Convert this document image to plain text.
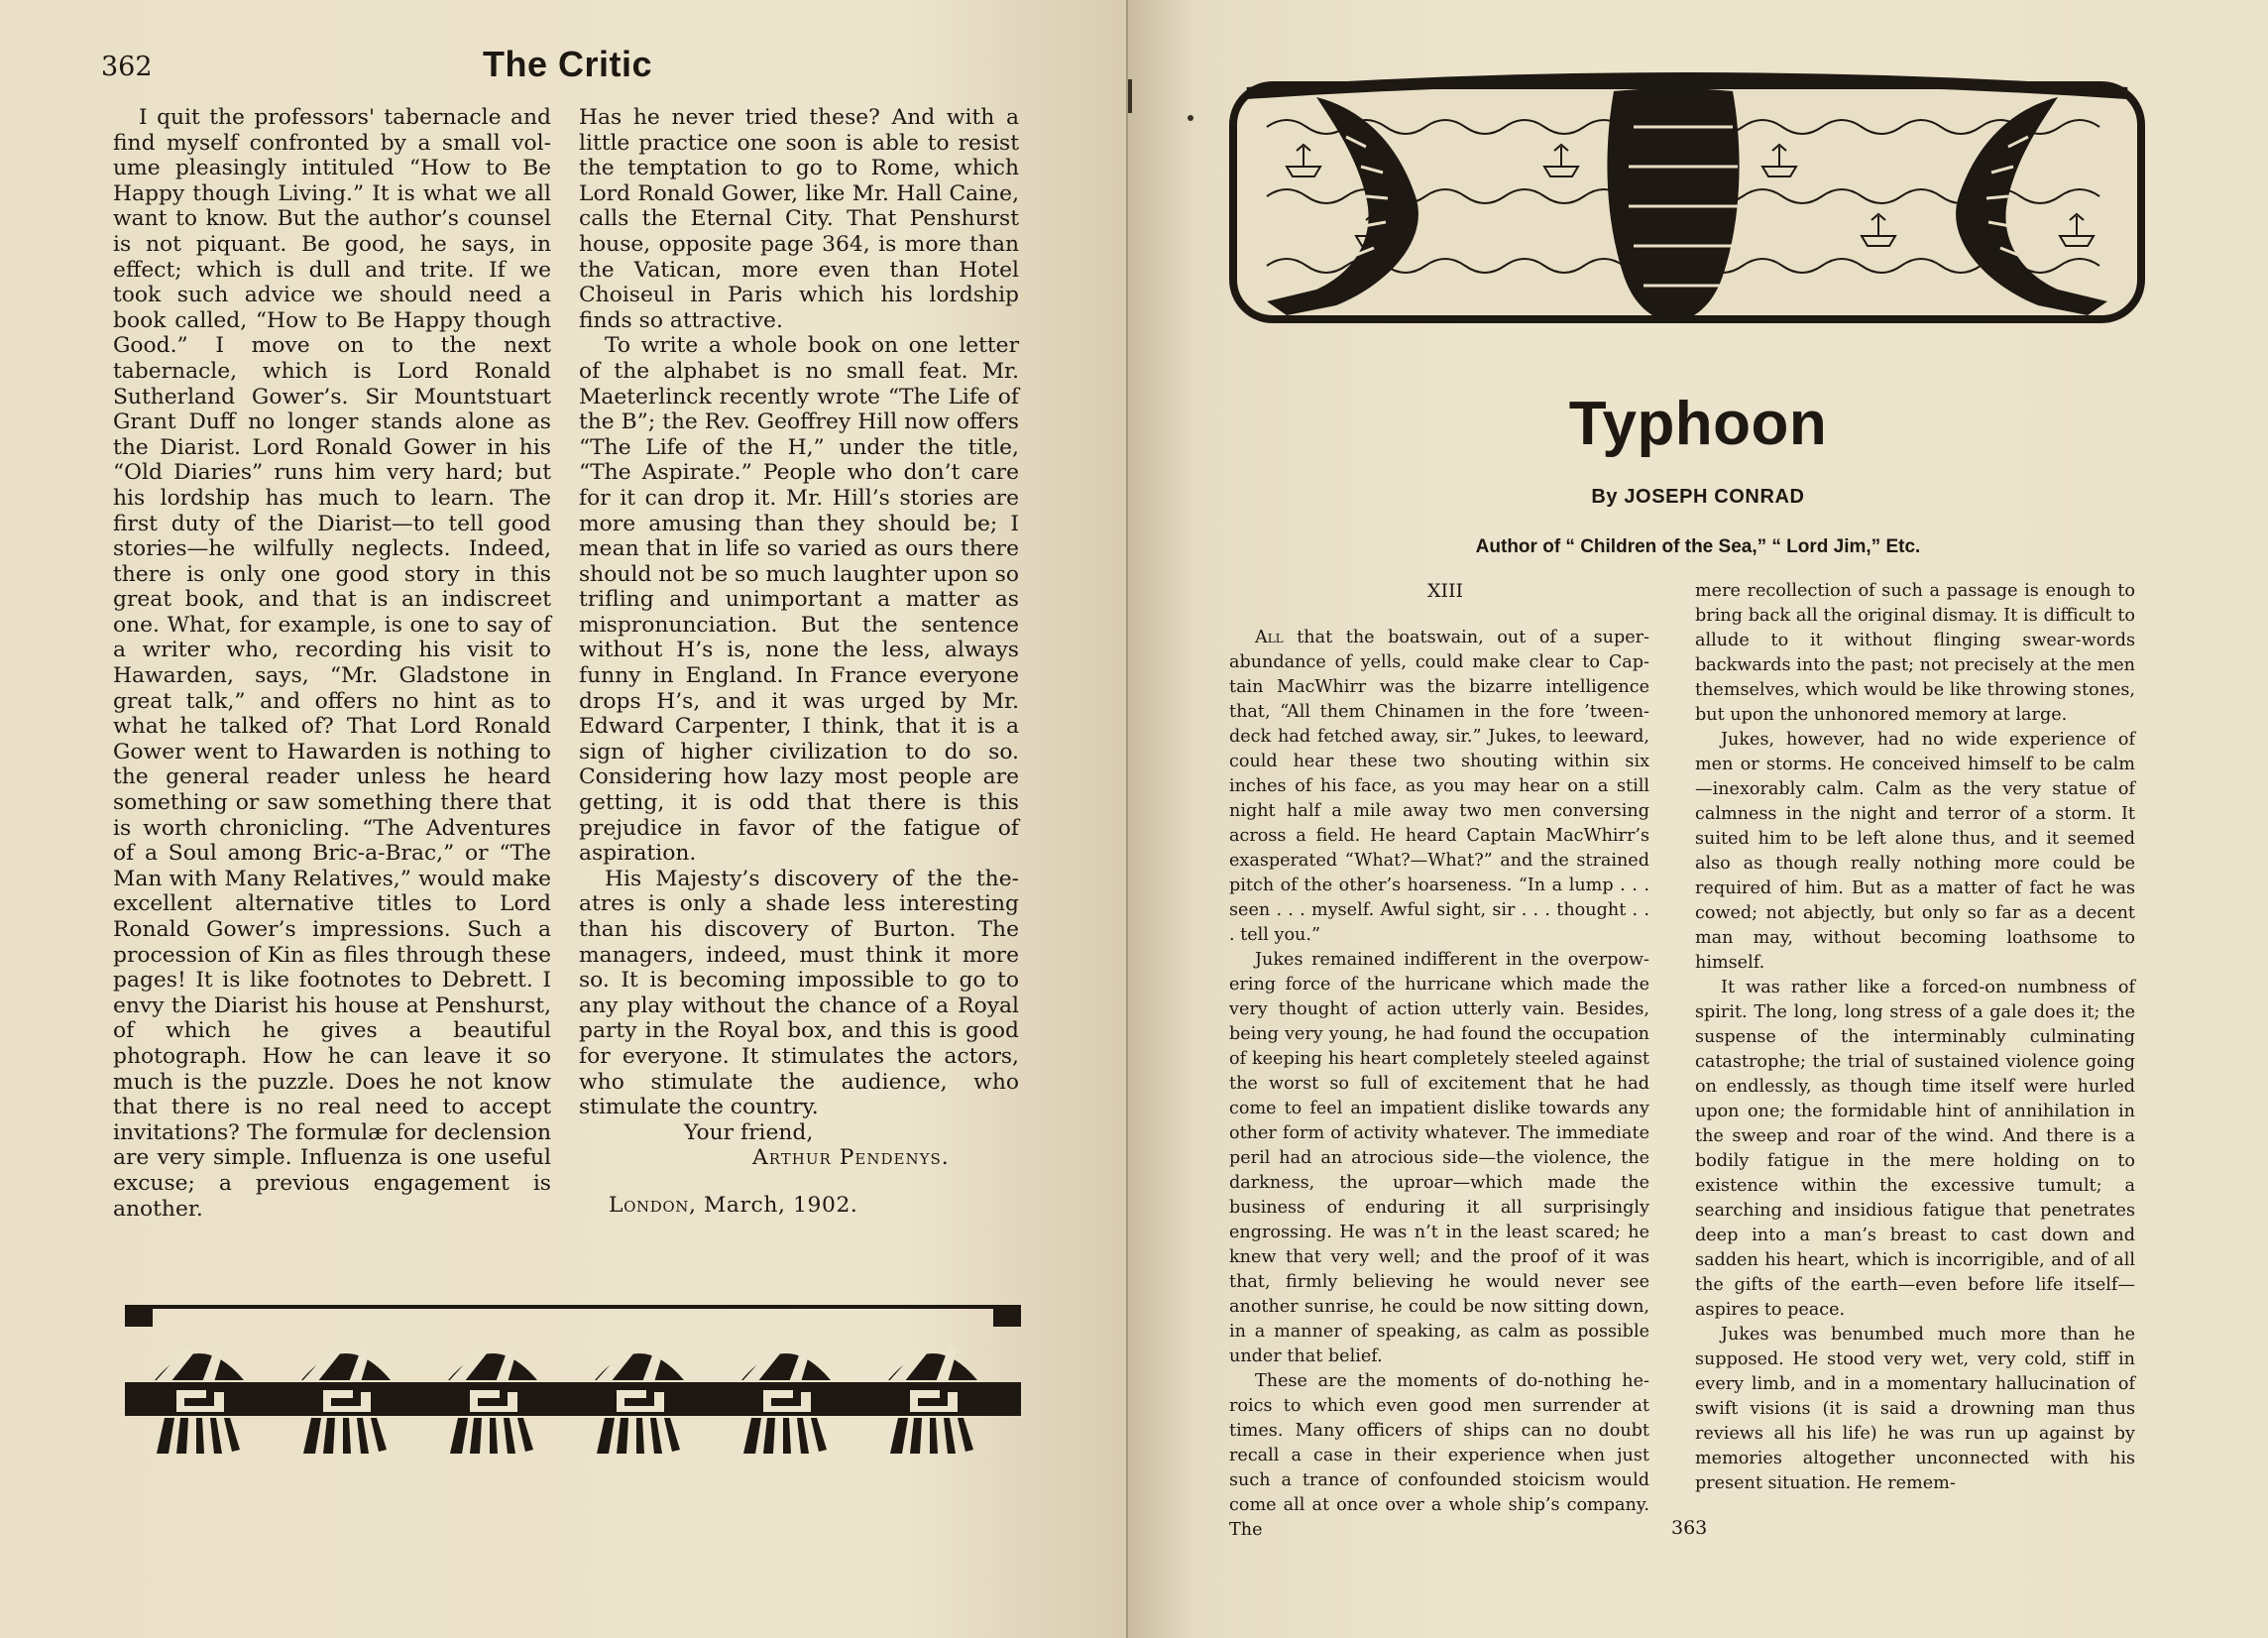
362	The Critic

I quit the professors' tabernacle and find myself confronted by a small volume pleasingly intituled “How to Be Happy though Living.” It is what we all want to know. But the author’s counsel is not piquant. Be good, he says, in effect; which is dull and trite. If we took such advice we should need a book called, “How to Be Happy though Good.” I move on to the next tabernacle, which is Lord Ronald Sutherland Gower’s. Sir Mountstuart Grant Duff no longer stands alone as the Diarist. Lord Ronald Gower in his “Old Diaries” runs him very hard; but his lordship has much to learn. The first duty of the Diarist—to tell good stories—he wilfully neglects. Indeed, there is only one good story in this great book, and that is an indiscreet one. What, for example, is one to say of a writer who, recording his visit to Hawarden, says, “Mr. Gladstone in great talk,” and offers no hint as to what he talked of? That Lord Ronald Gower went to Hawarden is nothing to the general reader unless he heard something or saw something there that is worth chronicling. “The Adventures of a Soul among Bric-a-Brac,” or “The Man with Many Relatives,” would make excellent alternative titles to Lord Ronald Gower’s impressions. Such a procession of Kin as files through these pages! It is like footnotes to Debrett. I envy the Diarist his house at Penshurst, of which he gives a beautiful photograph. How he can leave it so much is the puzzle. Does he not know that there is no real need to accept invitations? The formulæ for declension are very simple. Influenza is one useful excuse; a previous engagement is another.

Has he never tried these? And with a little practice one soon is able to resist the temptation to go to Rome, which Lord Ronald Gower, like Mr. Hall Caine, calls the Eternal City. That Penshurst house, opposite page 364, is more than the Vatican, more even than Hotel Choiseul in Paris which his lordship finds so attractive.

To write a whole book on one letter of the alphabet is no small feat. Mr. Maeterlinck recently wrote “The Life of the B”; the Rev. Geoffrey Hill now offers “The Life of the H,” under the title, “The Aspirate.” People who don’t care for it can drop it. Mr. Hill’s stories are more amusing than they should be; I mean that in life so varied as ours there should not be so much laughter upon so trifling and unimportant a matter as mispronunciation. But the sentence without H’s is, none the less, always funny in England. In France everyone drops H’s, and it was urged by Mr. Edward Carpenter, I think, that it is a sign of higher civilization to do so. Considering how lazy most people are getting, it is odd that there is this prejudice in favor of the fatigue of aspiration.

His Majesty’s discovery of the theatres is only a shade less interesting than his discovery of Burton. The managers, indeed, must think it more so. It is becoming impossible to go to any play without the chance of a Royal party in the Royal box, and this is good for everyone. It stimulates the actors, who stimulate the audience, who stimulate the country.

Your friend,

Arthur Pendenys.

London, March, 1902.

Typhoon
By JOSEPH CONRAD
Author of “ Children of the Sea,” “ Lord Jim,” Etc.

XIII

All that the boatswain, out of a superabundance of yells, could make clear to Captain MacWhirr was the bizarre intelligence that, “All them Chinamen in the fore ’tween-deck had fetched away, sir.” Jukes, to leeward, could hear these two shouting within six inches of his face, as you may hear on a still night half a mile away two men conversing across a field. He heard Captain MacWhirr’s exasperated “What?—What?” and the strained pitch of the other’s hoarseness. “In a lump . . . seen . . . myself. Awful sight, sir . . . thought . . . tell you.”

Jukes remained indifferent in the overpowering force of the hurricane which made the very thought of action utterly vain. Besides, being very young, he had found the occupation of keeping his heart completely steeled against the worst so full of excitement that he had come to feel an impatient dislike towards any other form of activity whatever. The immediate peril had an atrocious side—the violence, the darkness, the uproar—which made the business of enduring it all surprisingly engrossing. He was n’t in the least scared; he knew that very well; and the proof of it was that, firmly believing he would never see another sunrise, he could be now sitting down, in a manner of speaking, as calm as possible under that belief.

These are the moments of do-nothing heroics to which even good men surrender at times. Many officers of ships can no doubt recall a case in their experience when just such a trance of confounded stoicism would come all at once over a whole ship’s company. The

mere recollection of such a passage is enough to bring back all the original dismay. It is difficult to allude to it without flinging swear-words backwards into the past; not precisely at the men themselves, which would be like throwing stones, but upon the unhonored memory at large.

Jukes, however, had no wide experience of men or storms. He conceived himself to be calm—inexorably calm. Calm as the very statue of calmness in the night and terror of a storm. It suited him to be left alone thus, and it seemed also as though really nothing more could be required of him. But as a matter of fact he was cowed; not abjectly, but only so far as a decent man may, without becoming loathsome to himself.

It was rather like a forced-on numbness of spirit. The long, long stress of a gale does it; the suspense of the interminably culminating catastrophe; the trial of sustained violence going on endlessly, as though time itself were hurled upon one; the formidable hint of annihilation in the sweep and roar of the wind. And there is a bodily fatigue in the mere holding on to existence within the excessive tumult; a searching and insidious fatigue that penetrates deep into a man’s breast to cast down and sadden his heart, which is incorrigible, and of all the gifts of the earth—even before life itself—aspires to peace.

Jukes was benumbed much more than he supposed. He stood very wet, very cold, stiff in every limb, and in a momentary hallucination of swift visions (it is said a drowning man thus reviews all his life) he was run up against by memories altogether unconnected with his present situation. He remem-

363
